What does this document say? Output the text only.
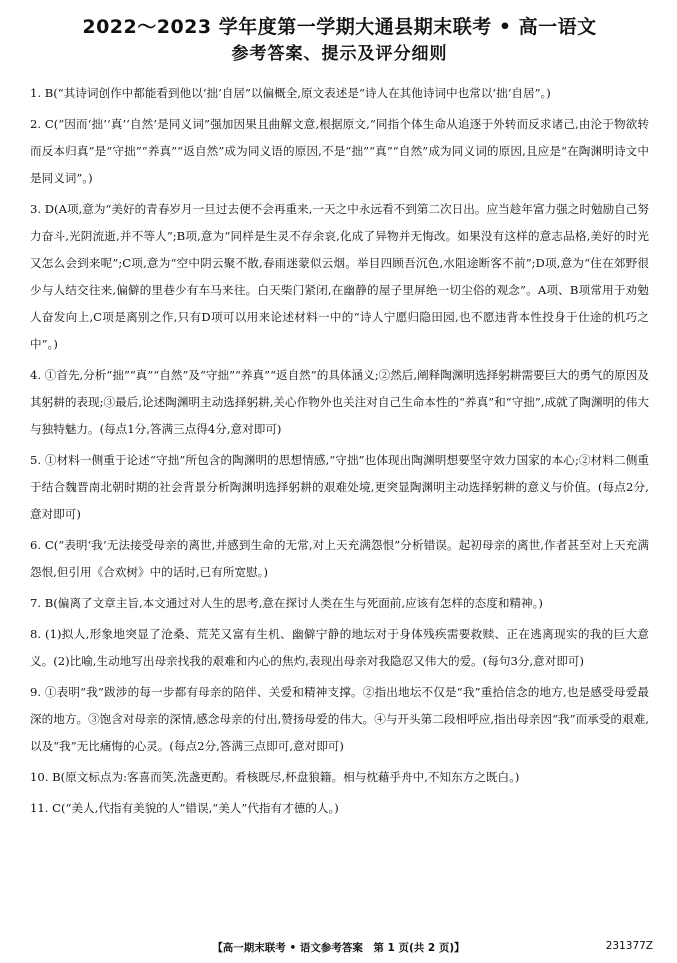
2022～2023 学年度第一学期大通县期末联考 • 高一语文
参考答案、提示及评分细则

1. B(“其诗词创作中都能看到他以‘拙’自居”以偏概全,原文表述是“诗人在其他诗词中也常以‘拙’自居”。)

2. C(“因而‘拙’‘真’‘自然’是同义词”强加因果且曲解文意,根据原文,“同指个体生命从追逐于外转而反求诸己,由沦于物欲转而反本归真”是“守拙”“养真”“返自然”成为同义语的原因,不是“拙”“真”“自然”成为同义词的原因,且应是“在陶渊明诗文中是同义词”。)

3. D(A项,意为“美好的青春岁月一旦过去便不会再重来,一天之中永远看不到第二次日出。应当趁年富力强之时勉励自己努力奋斗,光阴流逝,并不等人”;B项,意为“同样是生灵不存余哀,化成了异物并无悔改。如果没有这样的意志品格,美好的时光又怎么会到来呢”;C项,意为“空中阴云聚不散,春雨迷蒙似云烟。举目四顾吾沉色,水阻途断客不前”;D项,意为“住在郊野很少与人结交往来,偏僻的里巷少有车马来往。白天柴门紧闭,在幽静的屋子里屏绝一切尘俗的观念”。A项、B项常用于劝勉人奋发向上,C项是离别之作,只有D项可以用来论述材料一中的“诗人宁愿归隐田园,也不愿违背本性投身于仕途的机巧之中”。)

4. ①首先,分析“拙”“真”“自然”及“守拙”“养真”“返自然”的具体涵义;②然后,阐释陶渊明选择躬耕需要巨大的勇气的原因及其躬耕的表现;③最后,论述陶渊明主动选择躬耕,关心作物外也关注对自己生命本性的“养真”和“守拙”,成就了陶渊明的伟大与独特魅力。(每点1分,答满三点得4分,意对即可)

5. ①材料一侧重于论述“守拙”所包含的陶渊明的思想情感,“守拙”也体现出陶渊明想要坚守效力国家的本心;②材料二侧重于结合魏晋南北朝时期的社会背景分析陶渊明选择躬耕的艰难处境,更突显陶渊明主动选择躬耕的意义与价值。(每点2分,意对即可)

6. C(“表明‘我’无法接受母亲的离世,并感到生命的无常,对上天充满怨恨”分析错误。起初母亲的离世,作者甚至对上天充满怨恨,但引用《合欢树》中的话时,已有所宽慰。)

7. B(偏离了文章主旨,本文通过对人生的思考,意在探讨人类在生与死面前,应该有怎样的态度和精神。)

8. (1)拟人,形象地突显了沧桑、荒芜又富有生机、幽僻宁静的地坛对于身体残疾需要救赎、正在逃离现实的我的巨大意义。(2)比喻,生动地写出母亲找我的艰难和内心的焦灼,表现出母亲对我隐忍又伟大的爱。(每句3分,意对即可)

9. ①表明“我”跋涉的每一步都有母亲的陪伴、关爱和精神支撑。②指出地坛不仅是“我”重拾信念的地方,也是感受母爱最深的地方。③饱含对母亲的深情,感念母亲的付出,赞扬母爱的伟大。④与开头第二段相呼应,指出母亲因“我”而承受的艰难,以及“我”无比痛悔的心灵。(每点2分,答满三点即可,意对即可)

10. B(原文标点为:客喜而笑,洗盏更酌。肴核既尽,杯盘狼籍。相与枕藉乎舟中,不知东方之既白。)

11. C(“美人,代指有美貌的人”错误,“美人”代指有才德的人。)

【高一期末联考 • 语文参考答案　第 1 页(共 2 页)】	231377Z
